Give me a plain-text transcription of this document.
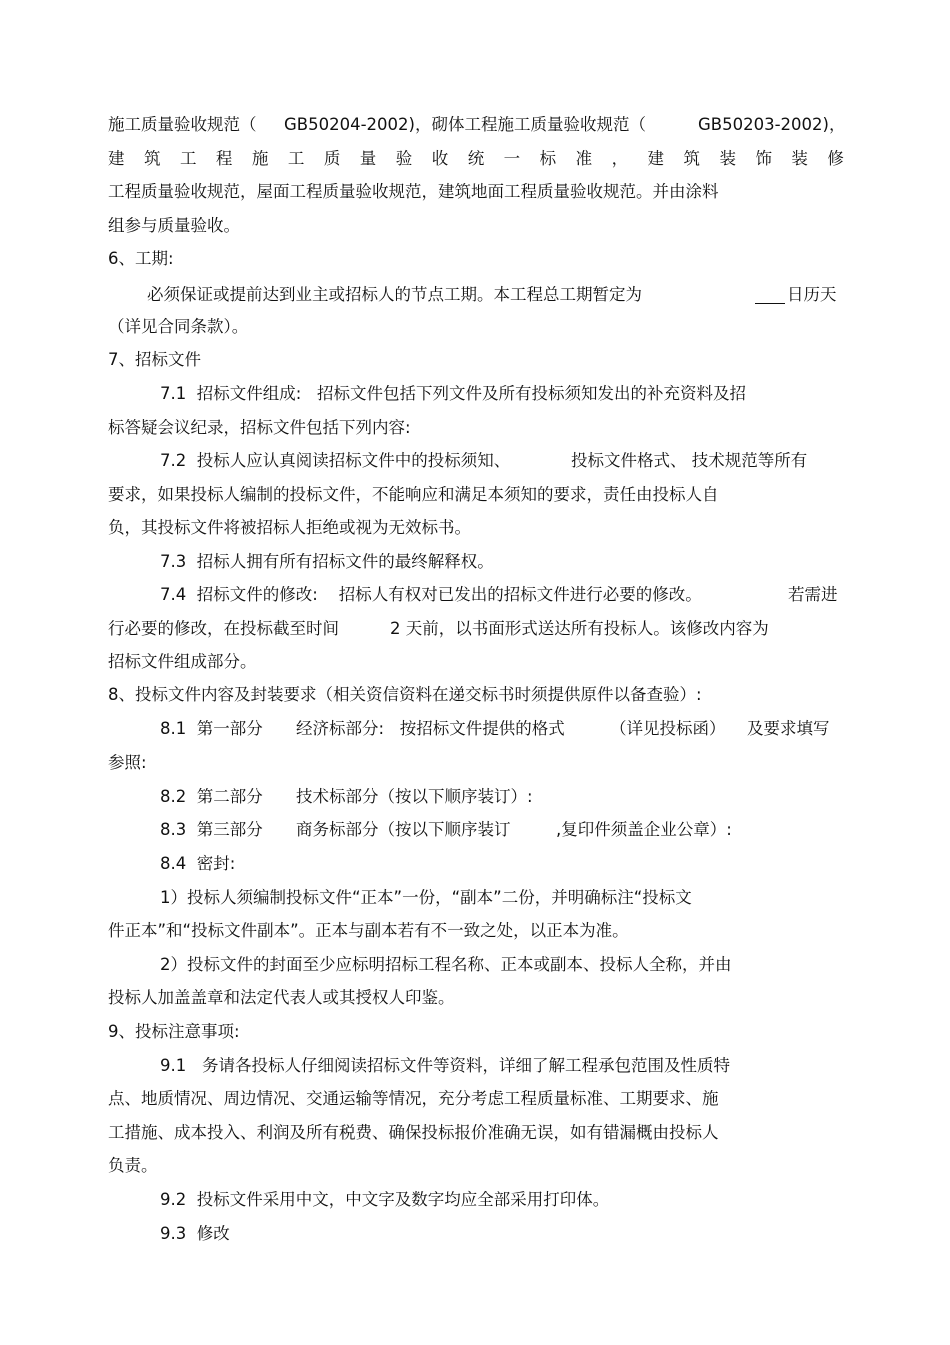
施工质量验收规范（

GB50204-2002)，砌体工程施工质量验收规范（

	GB50203-2002)，

建 筑 工 程 施 工 质 量 验 收 统 一 标 准 ， 建 筑 装 饰 装 修

工程质量验收规范，屋面工程质量验收规范，建筑地面工程质量验收规范。并由涂料

组参与质量验收。

6、工期:

必须保证或提前达到业主或招标人的节点工期。本工程总工期暂定为

	日历天

（详见合同条款）。

7、招标文件

7.1  招标文件组成:   招标文件包括下列文件及所有投标须知发出的补充资料及招

标答疑会议纪录，招标文件包括下列内容:

7.2  投标人应认真阅读招标文件中的投标须知、

	投标文件格式、 技术规范等所有

要求，如果投标人编制的投标文件，不能响应和满足本须知的要求，责任由投标人自

负，其投标文件将被招标人拒绝或视为无效标书。

7.3  招标人拥有所有招标文件的最终解释权。

7.4  招标文件的修改:    招标人有权对已发出的招标文件进行必要的修改。

	若需进

行必要的修改，在投标截至时间

	2 天前，以书面形式送达所有投标人。该修改内容为

招标文件组成部分。

8、投标文件内容及封装要求（相关资信资料在递交标书时须提供原件以备查验）:

8.1  第一部分

经济标部分:   按招标文件提供的格式

	（详见投标函）

及要求填写

参照:

8.2  第二部分

技术标部分（按以下顺序装订）:

8.3  第三部分

商务标部分（按以下顺序装订

	,复印件须盖企业公章）:

8.4  密封:

1）投标人须编制投标文件“正本”一份，“副本”二份，并明确标注“投标文

件正本”和“投标文件副本”。正本与副本若有不一致之处，以正本为准。

2）投标文件的封面至少应标明招标工程名称、正本或副本、投标人全称，并由

投标人加盖盖章和法定代表人或其授权人印鉴。

9、投标注意事项:

9.1   务请各投标人仔细阅读招标文件等资料，详细了解工程承包范围及性质特

点、地质情况、周边情况、交通运输等情况，充分考虑工程质量标准、工期要求、施

工措施、成本投入、利润及所有税费、确保投标报价准确无误，如有错漏概由投标人

负责。

9.2  投标文件采用中文，中文字及数字均应全部采用打印体。

9.3  修改
